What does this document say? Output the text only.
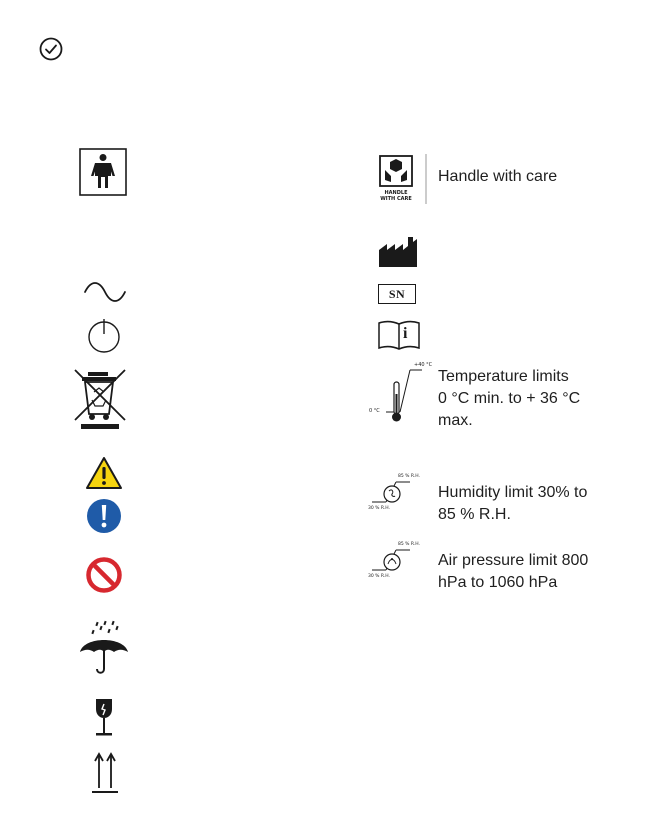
HANDLE
WITH CARE
Handle with care
SN
i
+40 °C
0 °C
Temperature limits
0 °C min. to + 36 °C
max.
85 % R.H.
30 % R.H.
Humidity limit 30% to
85 % R.H.
85 % R.H.
30 % R.H.
Air pressure limit 800
hPa to 1060 hPa
